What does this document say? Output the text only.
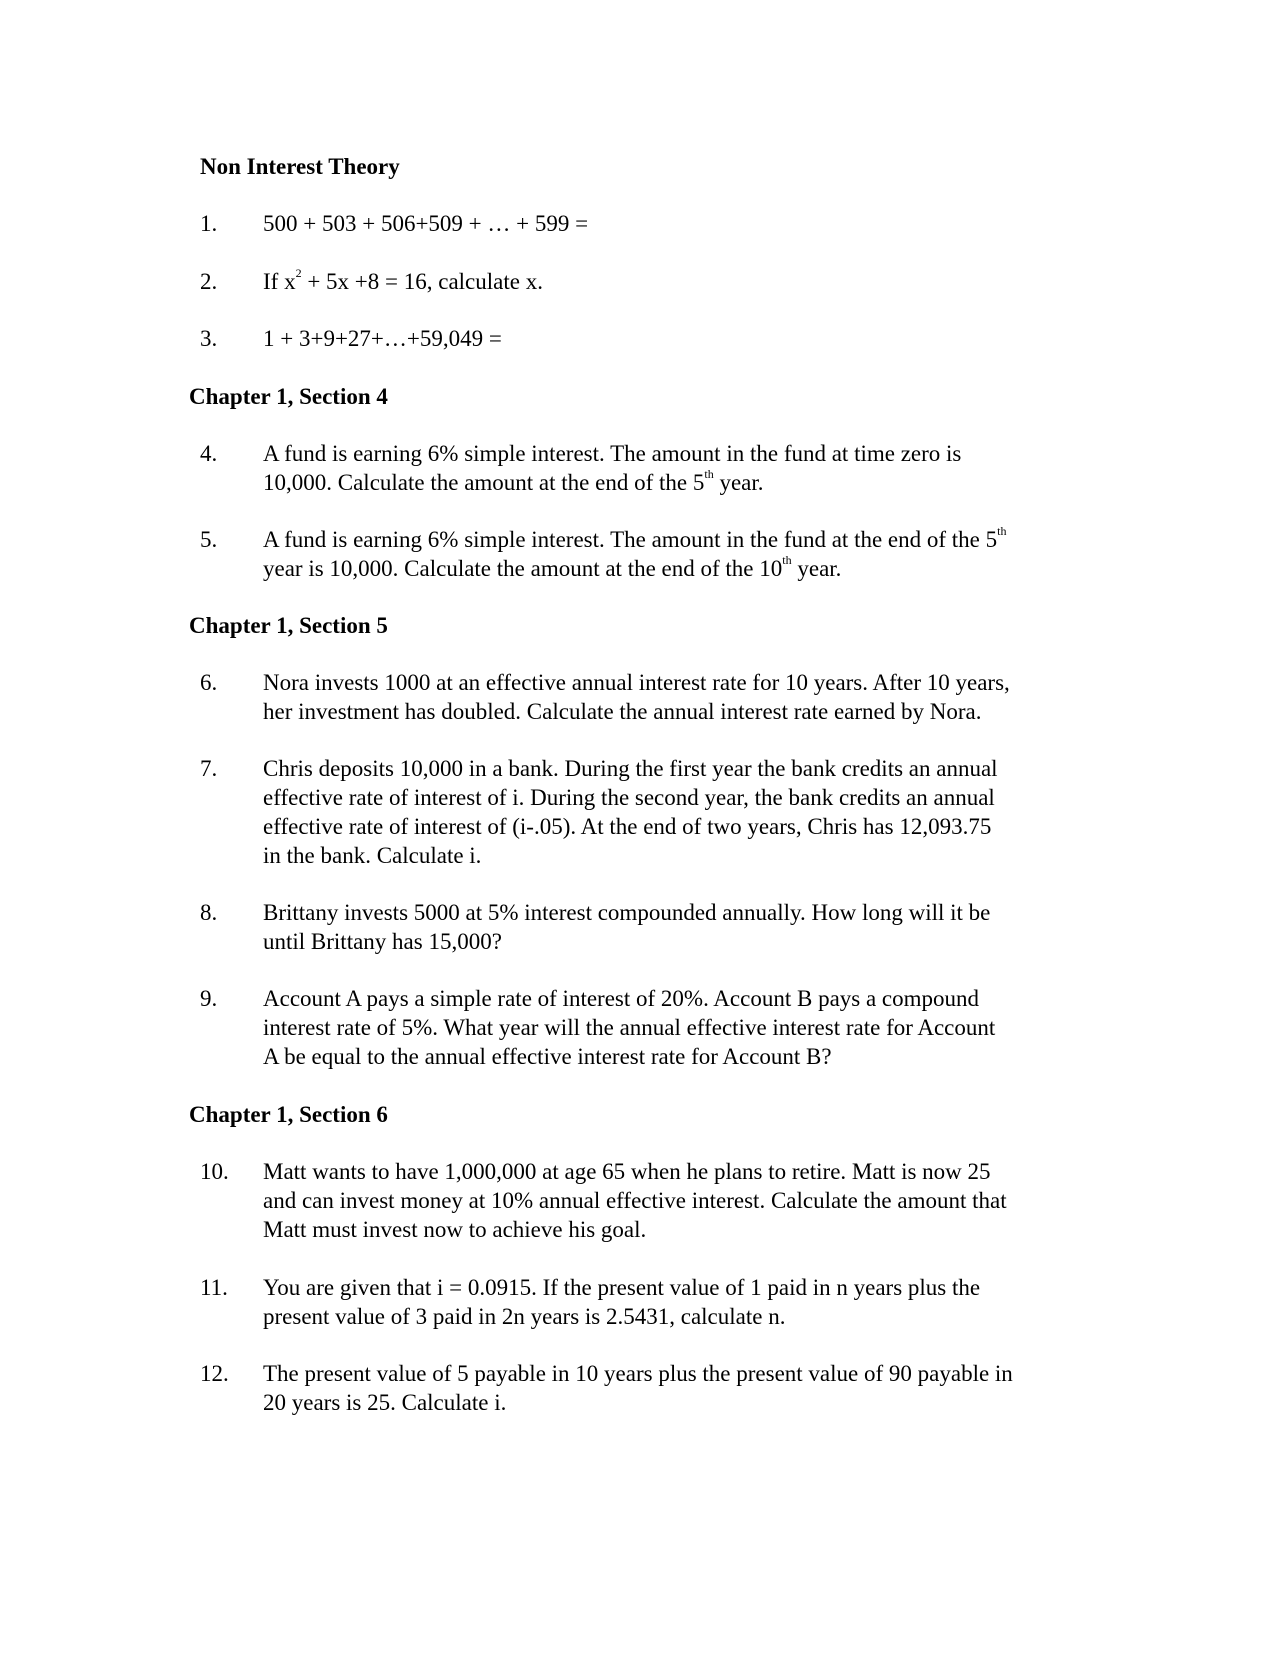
Non Interest Theory
1. 500 + 503 + 506+509 + … + 599 =
2. If $x^2 + 5x +8 = 16$, calculate x.
3. 1 + 3+9+27+…+59,049 =
Chapter 1, Section 4
4. A fund is earning 6% simple interest. The amount in the fund at time zero is
10,000. Calculate the amount at the end of the 5th year.
5. A fund is earning 6% simple interest. The amount in the fund at the end of the 5th
year is 10,000. Calculate the amount at the end of the 10th year.
Chapter 1, Section 5
6. Nora invests 1000 at an effective annual interest rate for 10 years. After 10 years,
her investment has doubled. Calculate the annual interest rate earned by Nora.
7. Chris deposits 10,000 in a bank. During the first year the bank credits an annual
effective rate of interest of i. During the second year, the bank credits an annual
effective rate of interest of (i-.05). At the end of two years, Chris has 12,093.75
in the bank. Calculate i.
8. Brittany invests 5000 at 5% interest compounded annually. How long will it be
until Brittany has 15,000?
9. Account A pays a simple rate of interest of 20%. Account B pays a compound
interest rate of 5%. What year will the annual effective interest rate for Account
A be equal to the annual effective interest rate for Account B?
Chapter 1, Section 6
10. Matt wants to have 1,000,000 at age 65 when he plans to retire. Matt is now 25
and can invest money at 10% annual effective interest. Calculate the amount that
Matt must invest now to achieve his goal.
11. You are given that i = 0.0915. If the present value of 1 paid in n years plus the
present value of 3 paid in 2n years is 2.5431, calculate n.
12. The present value of 5 payable in 10 years plus the present value of 90 payable in
20 years is 25. Calculate i.
